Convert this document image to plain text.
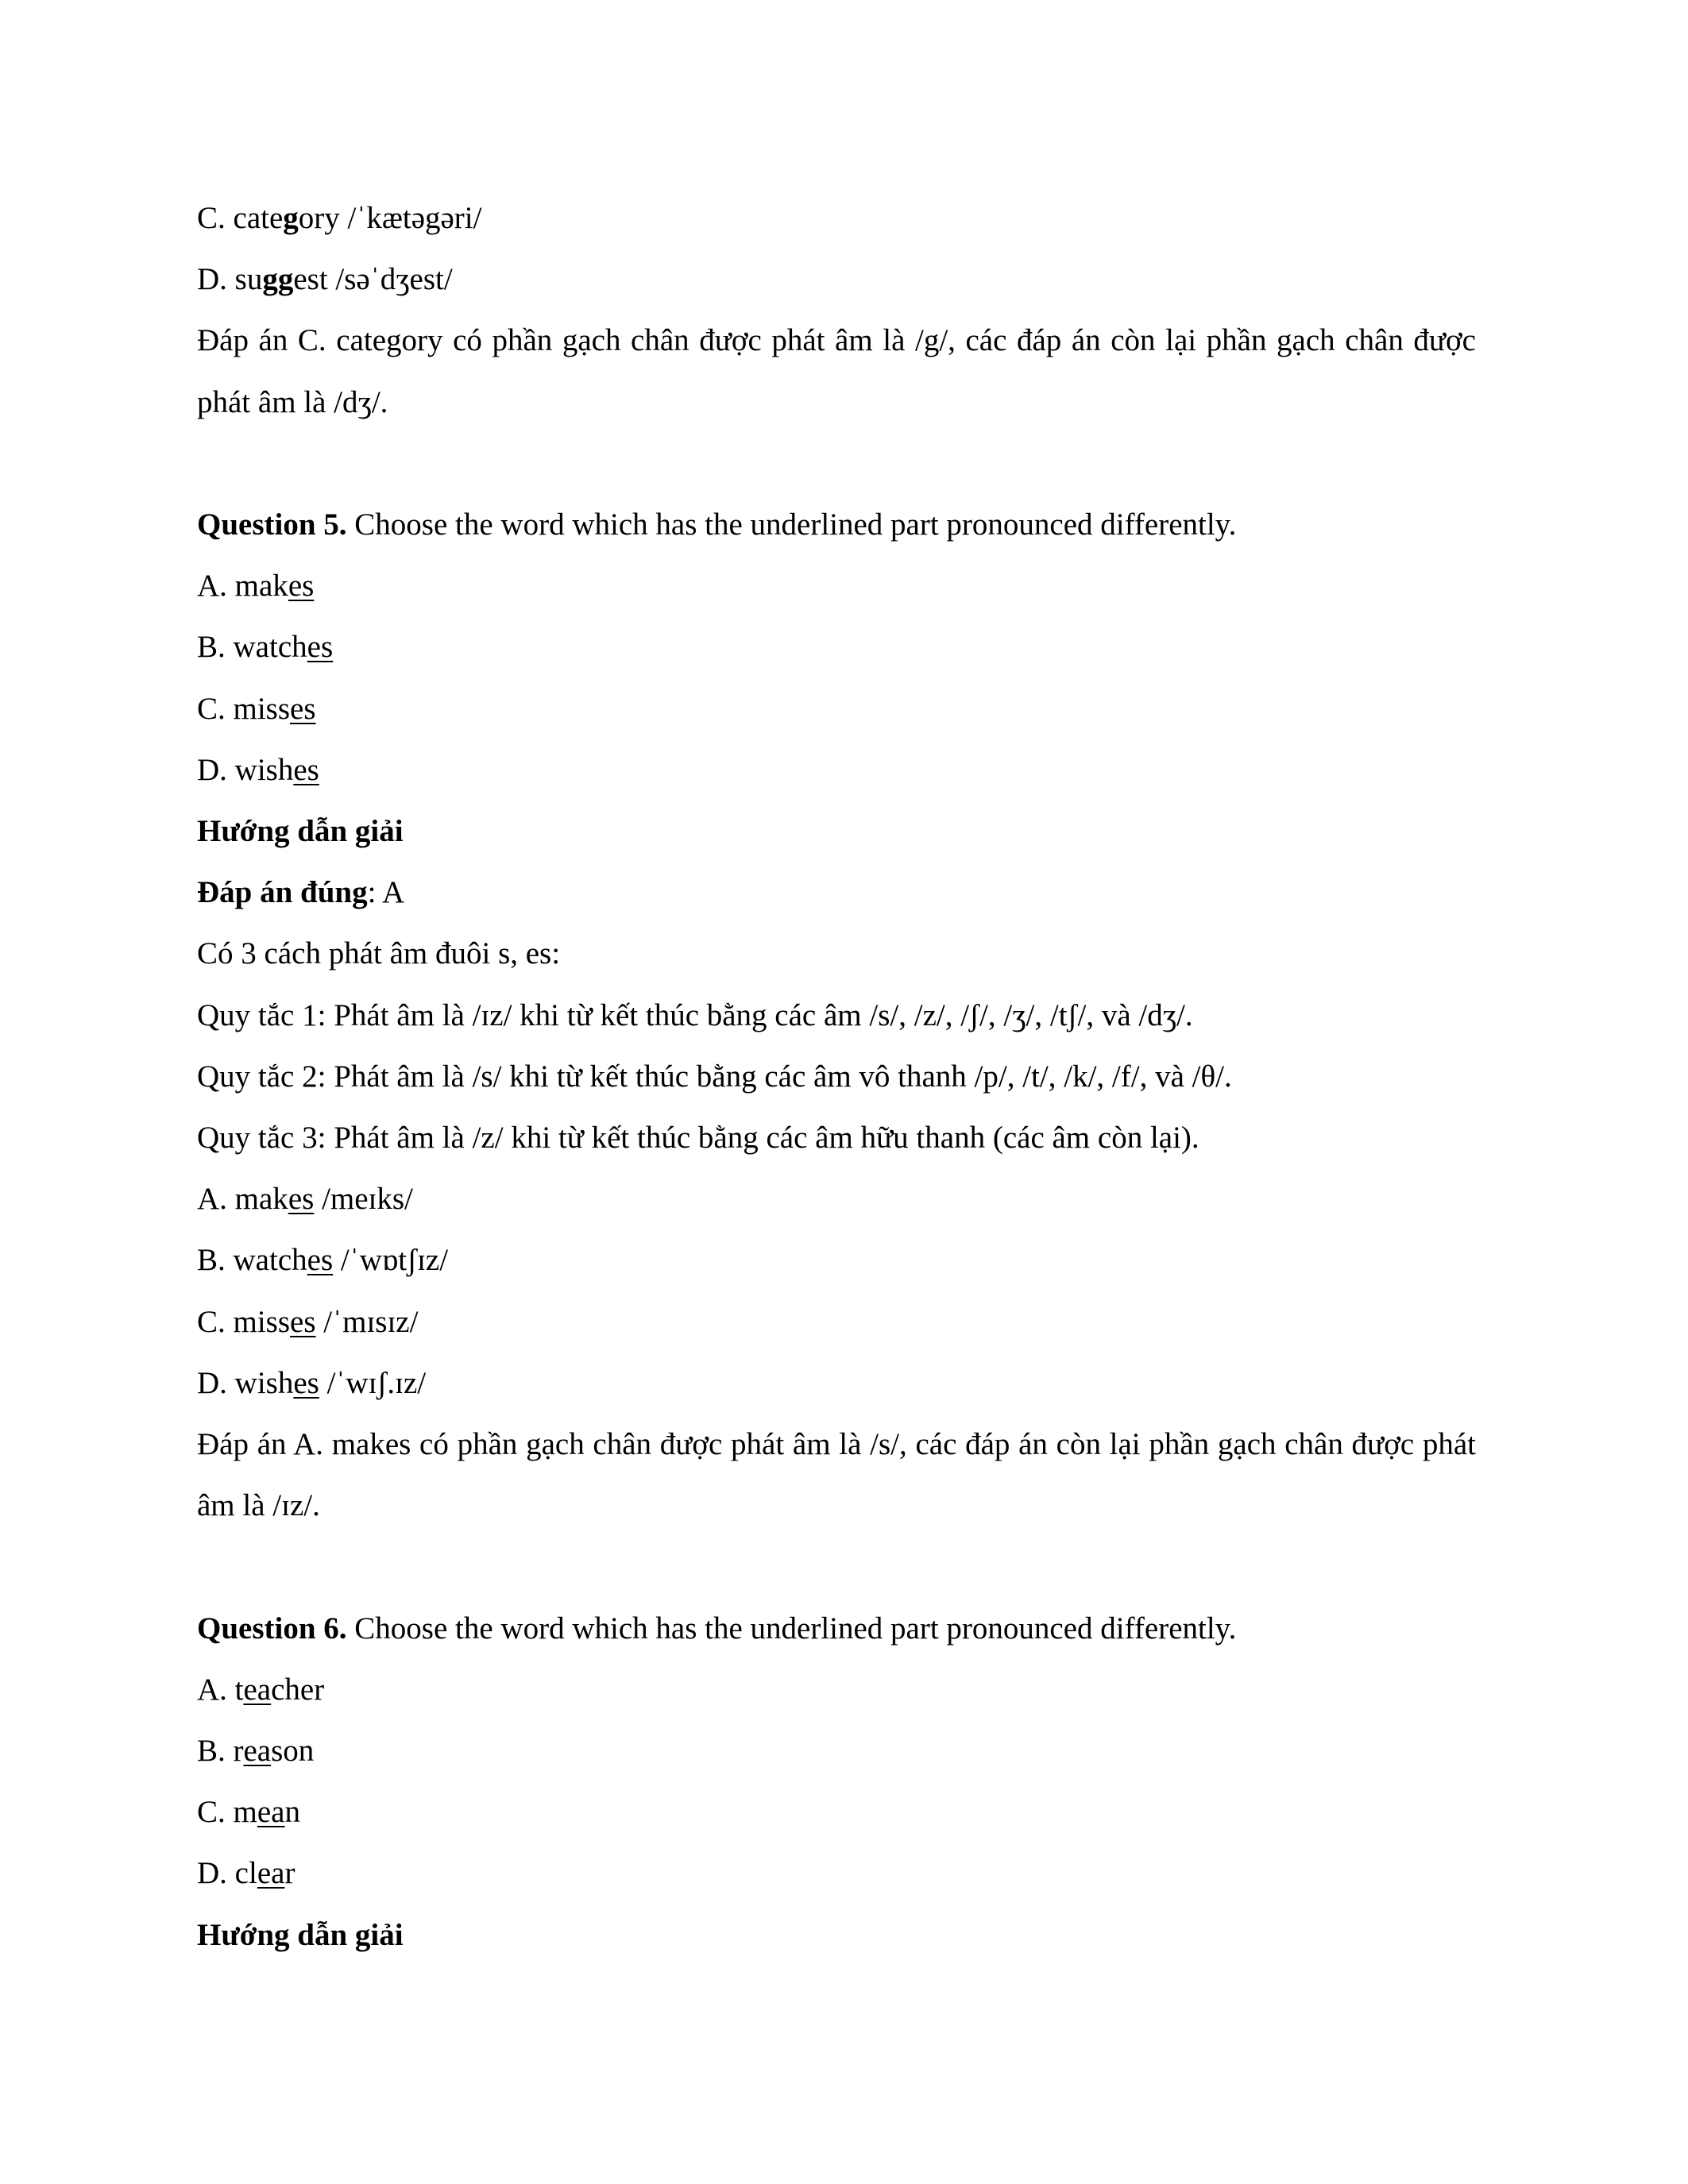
C. category /ˈkætəgəri/
D. suggest /səˈdʒest/
Đáp án C. category có phần gạch chân được phát âm là /g/, các đáp án còn lại phần gạch chân được phát âm là /dʒ/.
Question 5. Choose the word which has the underlined part pronounced differently.
A. makes
B. watches
C. misses
D. wishes
Hướng dẫn giải
Đáp án đúng: A
Có 3 cách phát âm đuôi s, es:
Quy tắc 1: Phát âm là /ɪz/ khi từ kết thúc bằng các âm /s/, /z/, /ʃ/, /ʒ/, /tʃ/, và /dʒ/.
Quy tắc 2: Phát âm là /s/ khi từ kết thúc bằng các âm vô thanh /p/, /t/, /k/, /f/, và /θ/.
Quy tắc 3: Phát âm là /z/ khi từ kết thúc bằng các âm hữu thanh (các âm còn lại).
A. makes /meɪks/
B. watches /ˈwɒtʃɪz/
C. misses /ˈmɪsɪz/
D. wishes /ˈwɪʃ.ɪz/
Đáp án A. makes có phần gạch chân được phát âm là /s/, các đáp án còn lại phần gạch chân được phát âm là /ɪz/.
Question 6. Choose the word which has the underlined part pronounced differently.
A. teacher
B. reason
C. mean
D. clear
Hướng dẫn giải
